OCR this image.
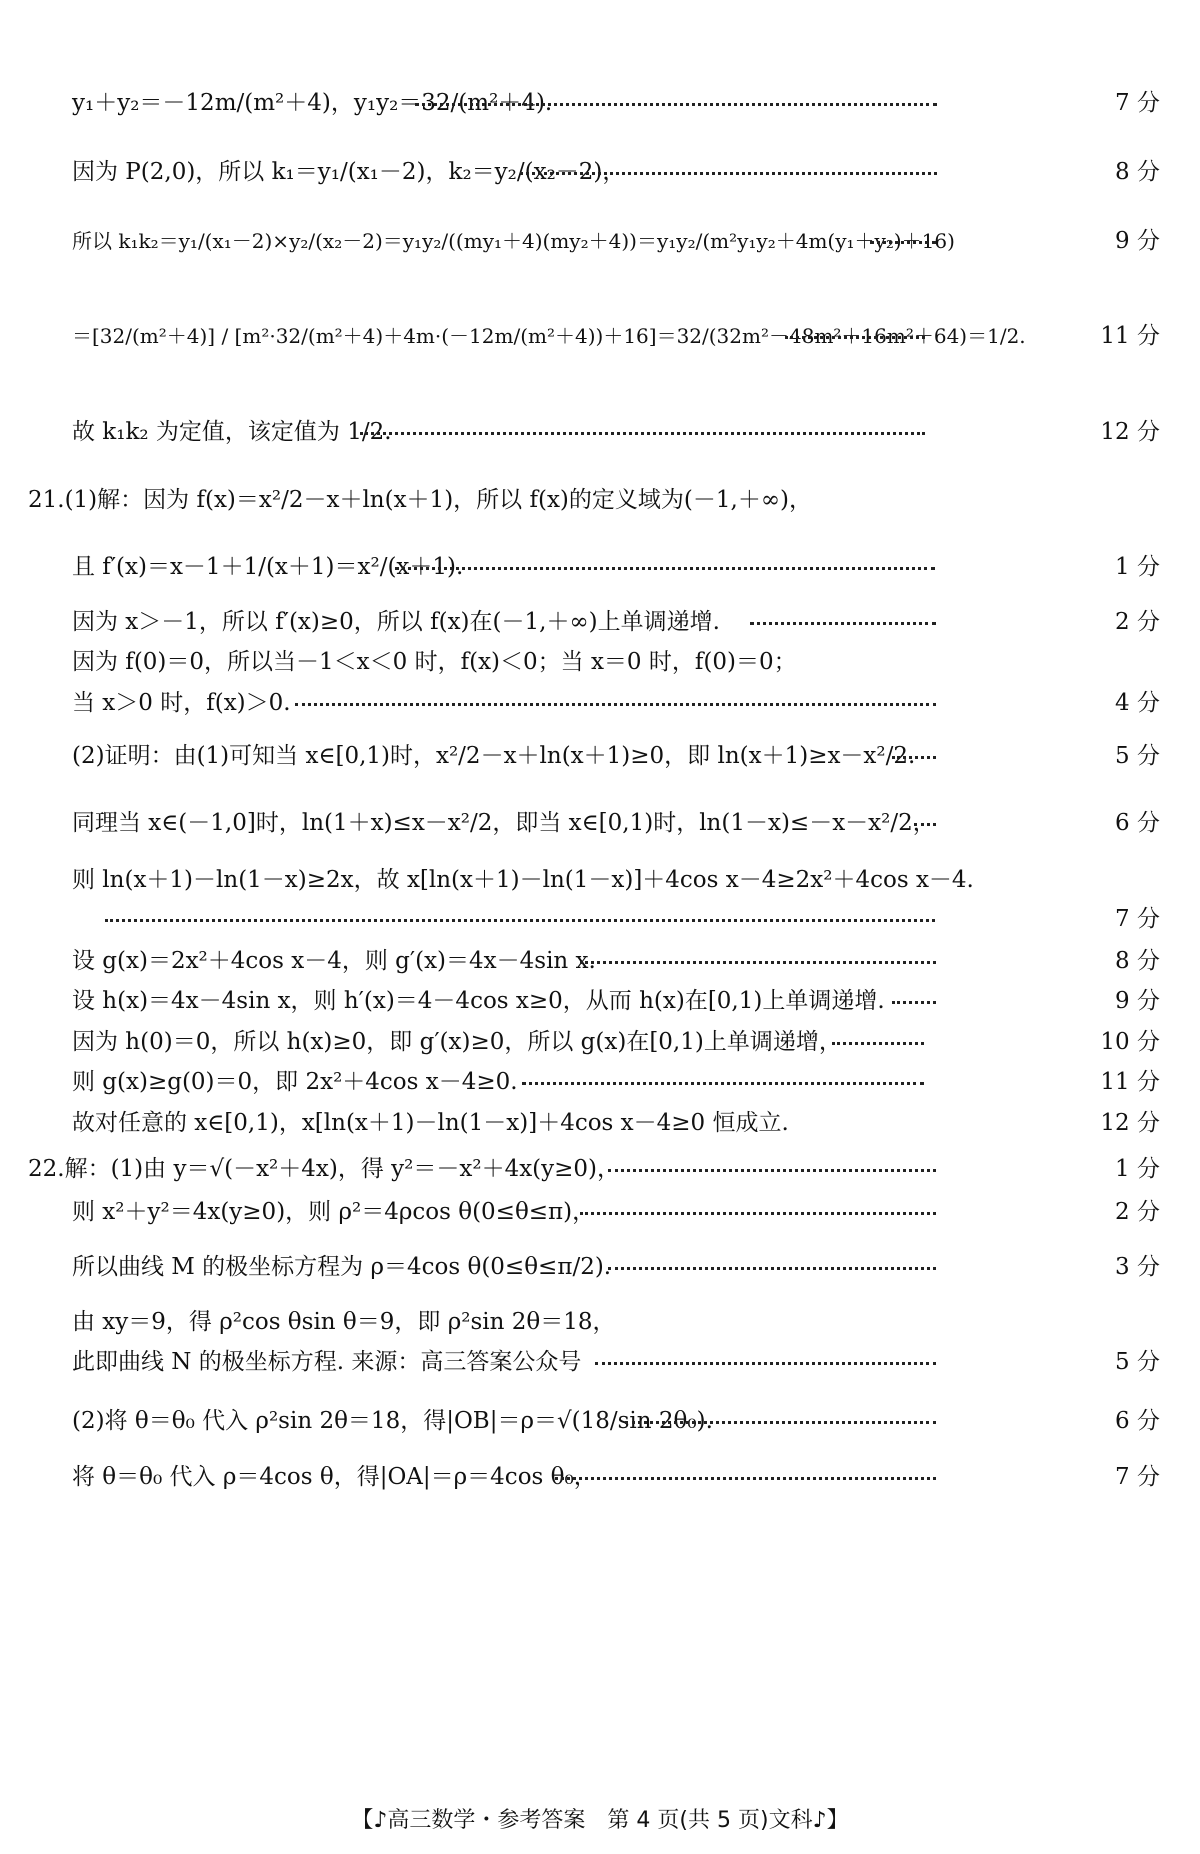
y₁＋y₂＝－12m/(m²＋4)，y₁y₂＝32/(m²＋4).	7 分
因为 P(2,0)，所以 k₁＝y₁/(x₁－2)，k₂＝y₂/(x₂－2)，	8 分
所以 k₁k₂＝y₁/(x₁－2)×y₂/(x₂－2)＝y₁y₂/((my₁＋4)(my₂＋4))＝y₁y₂/(m²y₁y₂＋4m(y₁＋y₂)＋16)	9 分
＝[32/(m²＋4)] / [m²·32/(m²＋4)＋4m·(－12m/(m²＋4))＋16]＝32/(32m²－48m²＋16m²＋64)＝1/2.	11 分
故 k₁k₂ 为定值，该定值为 1/2.	12 分
21.(1)解：因为 f(x)＝x²/2－x＋ln(x＋1)，所以 f(x)的定义域为(－1,＋∞)，
且 f′(x)＝x－1＋1/(x＋1)＝x²/(x＋1).	1 分
因为 x＞－1，所以 f′(x)≥0，所以 f(x)在(－1,＋∞)上单调递增.	2 分
因为 f(0)＝0，所以当－1＜x＜0 时，f(x)＜0；当 x＝0 时，f(0)＝0；
当 x＞0 时，f(x)＞0.	4 分
(2)证明：由(1)可知当 x∈[0,1)时，x²/2－x＋ln(x＋1)≥0，即 ln(x＋1)≥x－x²/2.	5 分
同理当 x∈(－1,0]时，ln(1＋x)≤x－x²/2，即当 x∈[0,1)时，ln(1－x)≤－x－x²/2，	6 分
则 ln(x＋1)－ln(1－x)≥2x，故 x[ln(x＋1)－ln(1－x)]＋4cos x－4≥2x²＋4cos x－4.
7 分
设 g(x)＝2x²＋4cos x－4，则 g′(x)＝4x－4sin x.	8 分
设 h(x)＝4x－4sin x，则 h′(x)＝4－4cos x≥0，从而 h(x)在[0,1)上单调递增.	9 分
因为 h(0)＝0，所以 h(x)≥0，即 g′(x)≥0，所以 g(x)在[0,1)上单调递增，	10 分
则 g(x)≥g(0)＝0，即 2x²＋4cos x－4≥0.	11 分
故对任意的 x∈[0,1)，x[ln(x＋1)－ln(1－x)]＋4cos x－4≥0 恒成立.	12 分
22.解：(1)由 y＝√(－x²＋4x)，得 y²＝－x²＋4x(y≥0)，	1 分
则 x²＋y²＝4x(y≥0)，则 ρ²＝4ρcos θ(0≤θ≤π)，	2 分
所以曲线 M 的极坐标方程为 ρ＝4cos θ(0≤θ≤π/2).	3 分
由 xy＝9，得 ρ²cos θsin θ＝9，即 ρ²sin 2θ＝18，
此即曲线 N 的极坐标方程. 来源：高三答案公众号	5 分
(2)将 θ＝θ₀ 代入 ρ²sin 2θ＝18，得|OB|＝ρ＝√(18/sin 2θ₀).	6 分
将 θ＝θ₀ 代入 ρ＝4cos θ，得|OA|＝ρ＝4cos θ₀，	7 分
【♪高三数学・参考答案　第 4 页(共 5 页)文科♪】
